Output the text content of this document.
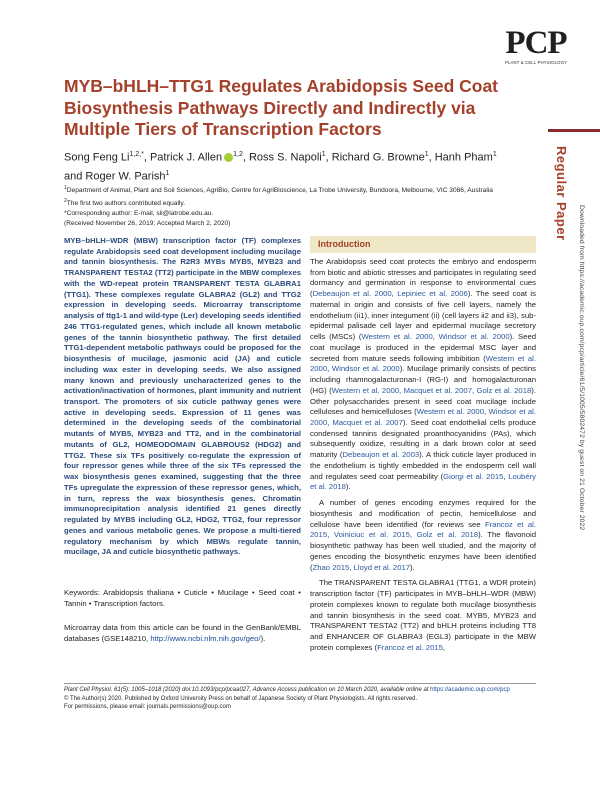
PCP
PLANT & CELL PHYSIOLOGY
MYB–bHLH–TTG1 Regulates Arabidopsis Seed Coat Biosynthesis Pathways Directly and Indirectly via Multiple Tiers of Transcription Factors

Song Feng $Li^{1,2,*}$, Patrick J. Allen $^{1,2}$, Ross S. Napoli$^1$, Richard G. Browne$^1$, Hanh Pham$^1$ and Roger W. Parish$^1$

$^1$Department of Animal, Plant and Soil Sciences, AgriBio, Centre for AgriBioscience, La Trobe University, Bundoora, Melbourne, VIC 3086, Australia

$^2$The first two authors contributed equally.

*Corresponding author: E-mail, sli@latrobe.edu.au.

(Received November 26, 2019; Accepted March 2, 2020)	Regular Paper
Downloaded from https://academic.oup.com/pcp/article/61/5/1005/5802472 by guest on 21 October 2022

MYB–bHLH–WDR (MBW) transcription factor (TF) complexes regulate Arabidopsis seed coat development including mucilage and tannin biosynthesis. The R2R3 MYBs MYB5, MYB23 and TRANSPARENT TESTA2 (TT2) participate in the MBW complexes with the WD-repeat protein TRANSPARENT TESTA GLABRA1 (TTG1). These complexes regulate GLABRA2 (GL2) and TTG2 expression in developing seeds. Microarray transcriptome analysis of ttg1-1 and wild-type (Ler) developing seeds identified 246 TTG1-regulated genes, which include all known metabolic genes of the tannin biosynthetic pathway. The first detailed TTG1-dependent metabolic pathways could be proposed for the biosynthesis of mucilage, jasmonic acid (JA) and cuticle including wax ester in developing seeds. We also assigned many known and previously uncharacterized genes to the activation/inactivation of hormones, plant immunity and nutrient transport. The promoters of six cuticle pathway genes were active in developing seeds. Expression of 11 genes was determined in the developing seeds of the combinatorial mutants of MYB5, MYB23 and TT2, and in the combinatorial mutants of GL2, HOMEODOMAIN GLABROUS2 (HDG2) and TTG2. These six TFs positively co-regulate the expression of four repressor genes while three of the six TFs repressed the wax biosynthesis genes examined, suggesting that the three TFs upregulate the expression of these repressor genes, which, in turn, repress the wax biosynthesis genes. Chromatin immunoprecipitation analysis identified 21 genes directly regulated by MYB5 including GL2, HDG2, TTG2, four repressor genes and various metabolic genes. We propose a multi-tiered regulatory mechanism by which MBWs regulate tannin, mucilage, JA and cuticle biosynthetic pathways.

Keywords: Arabidopsis thaliana • Cuticle • Mucilage • Seed coat • Tannin • Transcription factors.

Microarray data from this article can be found in the GenBank/EMBL databases (GSE148210, http://www.ncbi.nlm.nih.gov/geo/).

Introduction

The Arabidopsis seed coat protects the embryo and endosperm from biotic and abiotic stresses and participates in regulating seed dormancy and germination in response to environmental cues (Debeaujon et al. 2000, Lepiniec et al. 2006). The seed coat is maternal in origin and consists of five cell layers, namely the endothelium (ii1), inner integument (ii) (cell layers ii2 and ii3), sub-epidermal palisade cell layer and epidermal mucilage secretory cells (MSCs) (Western et al. 2000, Windsor et al. 2000). Seed coat mucilage is produced in the epidermal MSC layer and secreted from mature seeds following imbibition (Western et al. 2000, Windsor et al. 2000). Mucilage primarily consists of pectins including rhamnogalacturonan-I (RG-I) and homogalacturonan (HG) (Western et al. 2000, Macquet et al. 2007, Golz et al. 2018). Other polysaccharides present in seed coat mucilage include celluloses and hemicelluloses (Western et al. 2000, Windsor et al. 2000, Macquet et al. 2007). Seed coat endothelial cells produce condensed tannins designated proanthocyanidins (PAs), which subsequently oxidize, resulting in a dark brown color at seed maturity (Debeaujon et al. 2003). A thick cuticle layer produced in the endothelium is tightly embedded in the endosperm cell wall and regulates seed coat permeability (Giorgi et al. 2015, Loubéry et al. 2018).

A number of genes encoding enzymes required for the biosynthesis and modification of pectin, hemicellulose and cellulose have been identified (for reviews see Francoz et al. 2015, Voiniciuc et al. 2015, Golz et al. 2018). The flavonoid biosynthetic pathway has been well studied, and the majority of genes encoding the biosynthetic enzymes have been identified (Zhao 2015, Lloyd et al. 2017).

The TRANSPARENT TESTA GLABRA1 (TTG1, a WDR protein) transcription factor (TF) participates in MYB–bHLH–WDR (MBW) protein complexes known to regulate both mucilage biosynthesis and tannin biosynthesis in the seed coat. MYB5, MYB23 and TRANSPARENT TESTA2 (TT2) and bHLH proteins including TT8 and ENHANCER OF GLABRA3 (EGL3) participate in the MBW protein complexes (Francoz et al. 2015,

Plant Cell Physiol. 61(5): 1005–1018 (2020) doi:10.1093/pcp/pcaa027, Advance Access publication on 10 March 2020, available online at https://academic.oup.com/pcp

© The Author(s) 2020. Published by Oxford University Press on behalf of Japanese Society of Plant Physiologists. All rights reserved.

For permissions, please email: journals.permissions@oup.com
